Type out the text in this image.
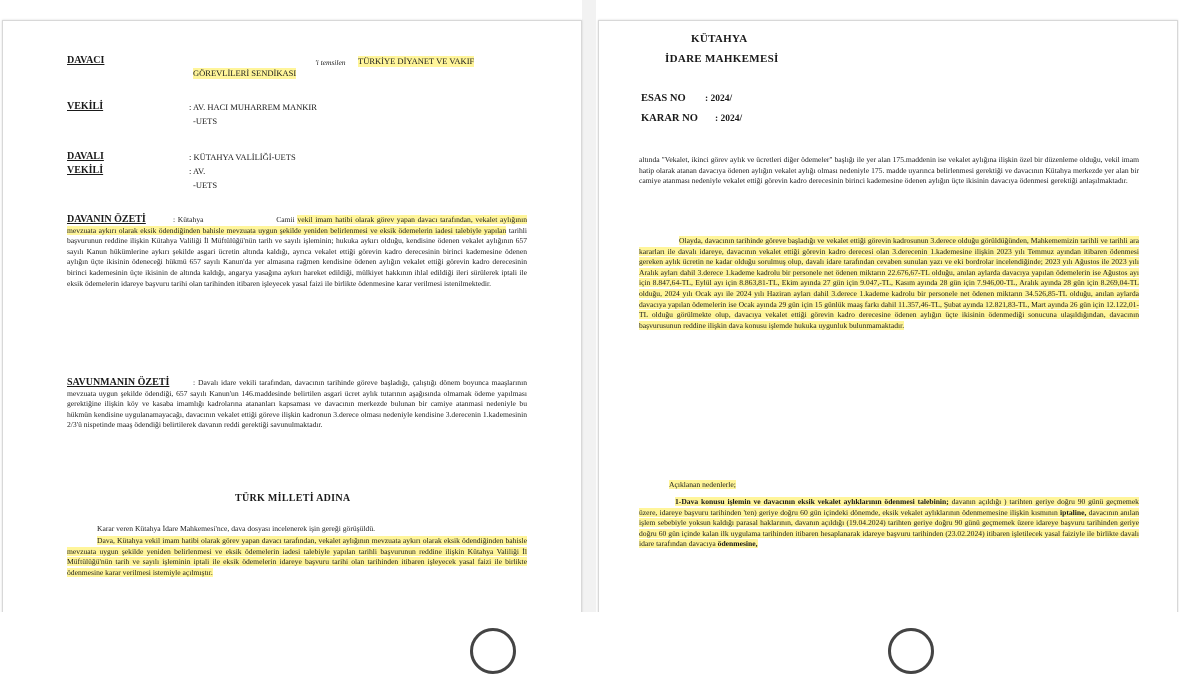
DAVACI	'i temsilen TÜRKİYE DİYANET VE VAKIF
GÖREVLİLERİ SENDİKASI
VEKİLİ	: AV. HACI MUHARREM MANKIR
-UETS
DAVALI	: KÜTAHYA VALİLİĞİ-UETS
VEKİLİ	: AV.
-UETS
DAVANIN ÖZETİ	: Kütahya	Camii vekil imam hatibi olarak görev yapan davacı tarafından, vekalet aylığının mevzuata aykırı olarak eksik ödendiğinden bahisle mevzuata uygun şekilde yeniden belirlenmesi ve eksik ödemelerin iadesi talebiyle yapılan tarihli başvurunun reddine ilişkin Kütahya Valiliği İl Müftülüğü'nün tarih ve sayılı işleminin; hukuka aykırı olduğu, kendisine ödenen vekalet aylığının 657 sayılı Kanun hükümlerine aykırı şekilde asgari ücretin altında kaldığı, ayrıca vekalet ettiği görevin kadro derecesinin birinci kademesine ödenen aylığın üçte ikisinin ödeneceği hükmü 657 sayılı Kanun'da yer almasına rağmen kendisine ödenen aylığın vekalet ettiği görevin kadro derecesinin birinci kademesinin üçte ikisinin de altında kaldığı, angarya yasağına aykırı hareket edildiği, mülkiyet hakkının ihlal edildiği ileri sürülerek iptali ile eksik ödemelerin idareye başvuru tarihi olan tarihinden itibaren işleyecek yasal faizi ile birlikte ödenmesine karar verilmesi istenilmektedir.
SAVUNMANIN ÖZETİ	: Davalı idare vekili tarafından, davacının tarihinde göreve başladığı, çalıştığı dönem boyunca maaşlarının mevzuata uygun şekilde ödendiği, 657 sayılı Kanun'un 146.maddesinde belirtilen asgari ücret aylık tutarının aşağısında olmamak ödeme yapılması gerektiğine ilişkin köy ve kasaba imamlığı kadrolarına atananları kapsaması ve davacının merkezde bulunan bir camiye atanmasi nedeniyle bu hükmün kendisine uygulanamayacağı, davacının vekalet ettiği göreve ilişkin kadronun 3.derece olması nedeniyle kendisine 3.derecenin 1.kademesinin 2/3'ü nispetinde maaş ödendiği belirtilerek davanın reddi gerektiği savunulmaktadır.
TÜRK MİLLETİ ADINA
Karar veren Kütahya İdare Mahkemesi'nce, dava dosyası incelenerek işin gereği görüşüldü.
Dava, Kütahya vekil imam hatibi olarak görev yapan davacı tarafından, vekalet aylığının mevzuata aykırı olarak eksik ödendiğinden bahisle mevzuata uygun şekilde yeniden belirlenmesi ve eksik ödemelerin iadesi talebiyle yapılan tarihli başvurunun reddine ilişkin Kütahya Valiliği İl Müftülüğü'nün tarih ve sayılı işleminin iptali ile eksik ödemelerin idareye başvuru tarihi olan tarihinden itibaren işleyecek yasal faizi ile birlikte ödenmesine karar verilmesi istemiyle açılmıştır.
KÜTAHYA
İDARE MAHKEMESİ
ESAS NO : 2024/
KARAR NO : 2024/
altında "Vekalet, ikinci görev aylık ve ücretleri diğer ödemeler" başlığı ile yer alan 175.maddenin ise vekalet aylığına ilişkin özel bir düzenleme olduğu, vekil imam hatip olarak atanan davacıya ödenen aylığın vekalet aylığı olması nedeniyle 175. madde uyarınca belirlenmesi gerektiği ve davacının Kütahya merkezde yer alan bir camiye atanması nedeniyle vekalet ettiği görevin kadro derecesinin birinci kademesine ödenen aylığın üçte ikisinin davacıya ödenmesi gerektiği anlaşılmaktadır.
Olayda, davacının tarihinde göreve başladığı ve vekalet ettiği görevin kadrosunun 3.derece olduğu görüldüğünden, Mahkememizin tarihli ve tarihli ara kararları ile davalı idareye, davacının vekalet ettiği görevin kadro derecesi olan 3.derecenin 1.kademesine ilişkin 2023 yılı Temmuz ayından itibaren ödenmesi gereken aylık ücretin ne kadar olduğu sorulmuş olup, davalı idare tarafından cevaben sunulan yazı ve eki bordrolar incelendiğinde; 2023 yılı Ağustos ile 2023 yılı Aralık ayları dahil 3.derece 1.kademe kadrolu bir personele net ödenen miktarın 22.676,67-TL olduğu, anılan aylarda davacıya yapılan ödemelerin ise Ağustos ayı için 8.847,64-TL, Eylül ayı için 8.863,81-TL, Ekim ayında 27 gün için 9.047,-TL, Kasım ayında 28 gün için 7.946,00-TL, Aralık ayında 28 gün için 8.269,04-TL olduğu, 2024 yılı Ocak ayı ile 2024 yılı Haziran ayları dahil 3.derece 1.kademe kadrolu bir personele net ödenen miktarın 34.526,85-TL olduğu, anılan aylarda davacıya yapılan ödemelerin ise Ocak ayında 29 gün için 15 günlük maaş farkı dahil 11.357,46-TL, Şubat ayında 12.821,83-TL, Mart ayında 26 gün için 12.122,01-TL olduğu görülmekte olup, davacıya vekalet ettiği görevin kadro derecesine ödenen aylığın üçte ikisinin ödenmediği sonucuna ulaşıldığından, davacının başvurusunun reddine ilişkin dava konusu işlemde hukuka uygunluk bulunmamaktadır.
Açıklanan nedenlerle;
1-Dava konusu işlemin ve davacının eksik vekalet aylıklarının ödenmesi talebinin; davanın açıldığı ) tarihten geriye doğru 90 günü geçmemek üzere, idareye başvuru tarihinden 'ten) geriye doğru 60 gün içindeki dönemde, eksik vekalet aylıklarının ödenmemesine ilişkin kısmının iptaline, davacının anılan işlem sebebiyle yoksun kaldığı parasal haklarının, davanın açıldığı (19.04.2024) tarihten geriye doğru 90 günü geçmemek üzere idareye başvuru tarihinden geriye doğru 60 gün içinde kalan ilk uygulama tarihinden itibaren hesaplanarak idareye başvuru tarihinden (23.02.2024) itibaren işletilecek yasal faiziyle ile birlikte davalı idare tarafından davacıya ödenmesine,
